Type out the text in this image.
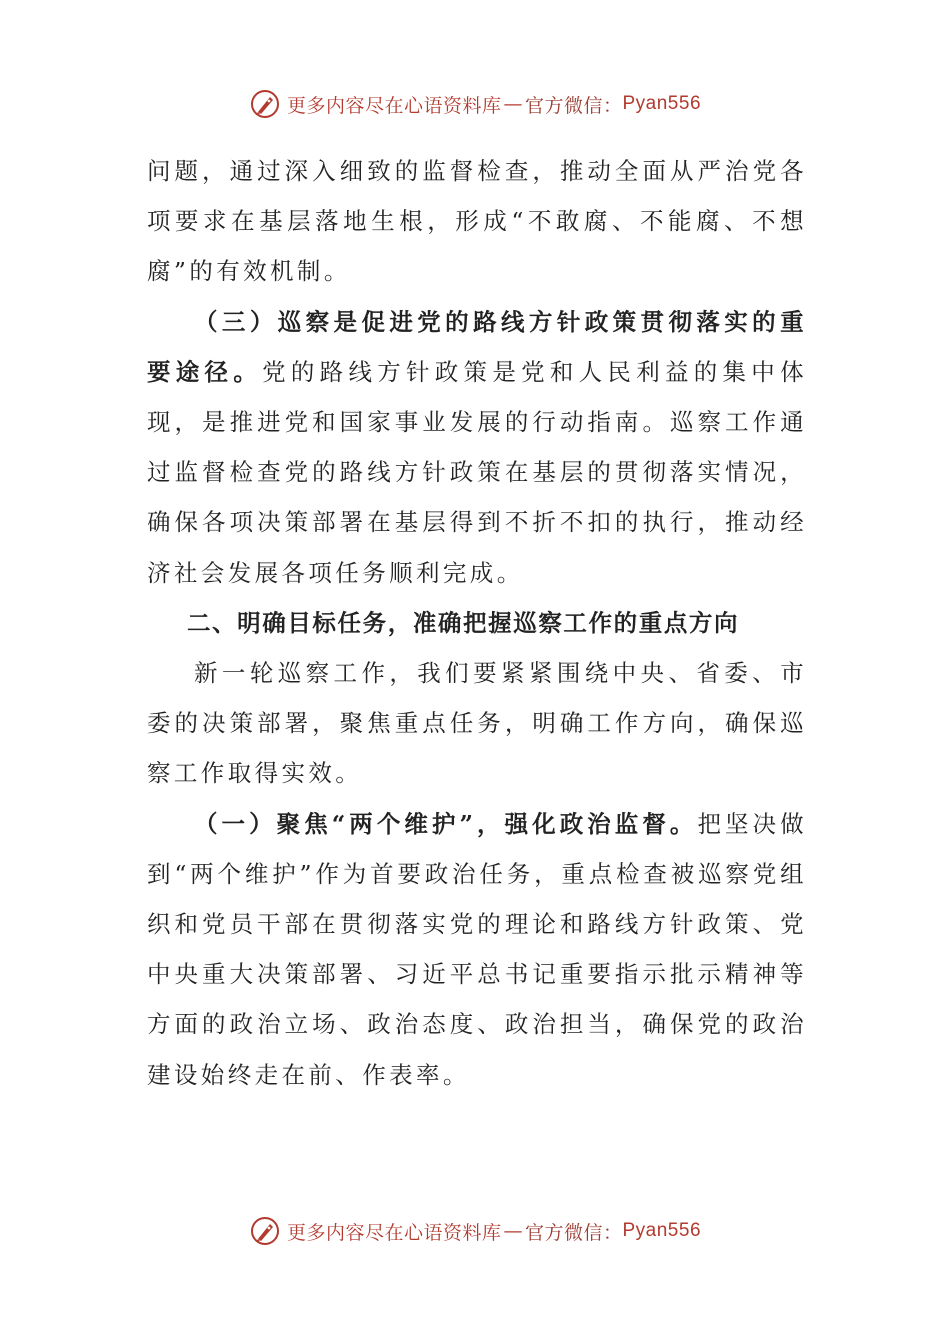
更多内容尽在心语资料库 — 官方微信： Pyan556

问题，通过深入细致的监督检查，推动全面从严治党各项要求在基层落地生根，形成“不敢腐、不能腐、不想腐”的有效机制。

（三）巡察是促进党的路线方针政策贯彻落实的重要途径。党的路线方针政策是党和人民利益的集中体现，是推进党和国家事业发展的行动指南。巡察工作通过监督检查党的路线方针政策在基层的贯彻落实情况，确保各项决策部署在基层得到不折不扣的执行，推动经济社会发展各项任务顺利完成。

二、明确目标任务，准确把握巡察工作的重点方向

新一轮巡察工作，我们要紧紧围绕中央、省委、市委的决策部署，聚焦重点任务，明确工作方向，确保巡察工作取得实效。

（一）聚焦“两个维护”，强化政治监督。把坚决做到“两个维护”作为首要政治任务，重点检查被巡察党组织和党员干部在贯彻落实党的理论和路线方针政策、党中央重大决策部署、习近平总书记重要指示批示精神等方面的政治立场、政治态度、政治担当，确保党的政治建设始终走在前、作表率。

更多内容尽在心语资料库 — 官方微信： Pyan556
